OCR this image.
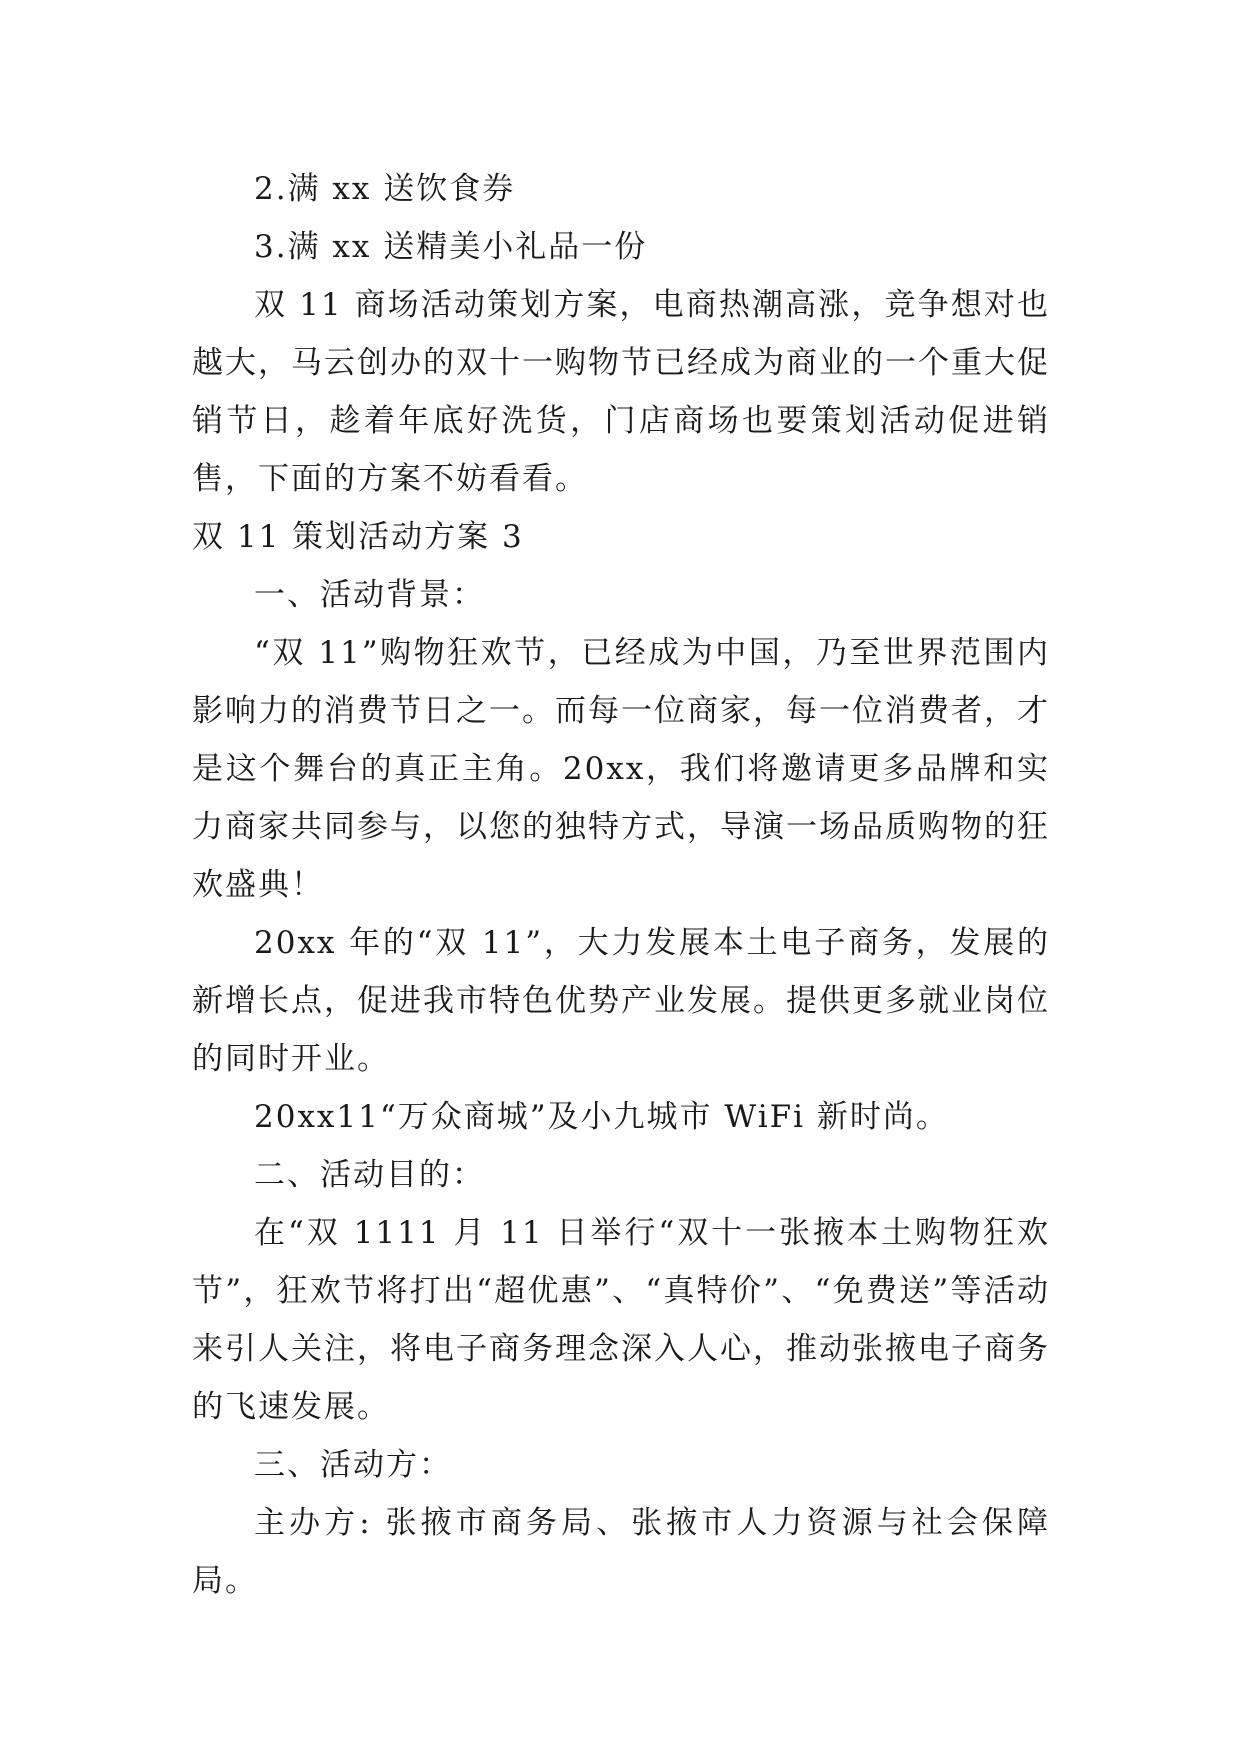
2.满 xx 送饮食券

3.满 xx 送精美小礼品一份

双 11 商场活动策划方案，电商热潮高涨，竞争想对也越大，马云创办的双十一购物节已经成为商业的一个重大促销节日，趁着年底好洗货，门店商场也要策划活动促进销售，下面的方案不妨看看。

双 11 策划活动方案 3

一、活动背景：

“双 11”购物狂欢节，已经成为中国，乃至世界范围内影响力的消费节日之一。而每一位商家，每一位消费者，才是这个舞台的真正主角。20xx，我们将邀请更多品牌和实力商家共同参与，以您的独特方式，导演一场品质购物的狂欢盛典！

20xx 年的“双 11”，大力发展本土电子商务，发展的新增长点，促进我市特色优势产业发展。提供更多就业岗位的同时开业。

20xx11“万众商城”及小九城市 WiFi 新时尚。

二、活动目的：

在“双 1111 月 11 日举行“双十一张掖本土购物狂欢节”，狂欢节将打出“超优惠”、“真特价”、“免费送”等活动来引人关注，将电子商务理念深入人心，推动张掖电子商务的飞速发展。

三、活动方：

主办方: 张掖市商务局、张掖市人力资源与社会保障局。
